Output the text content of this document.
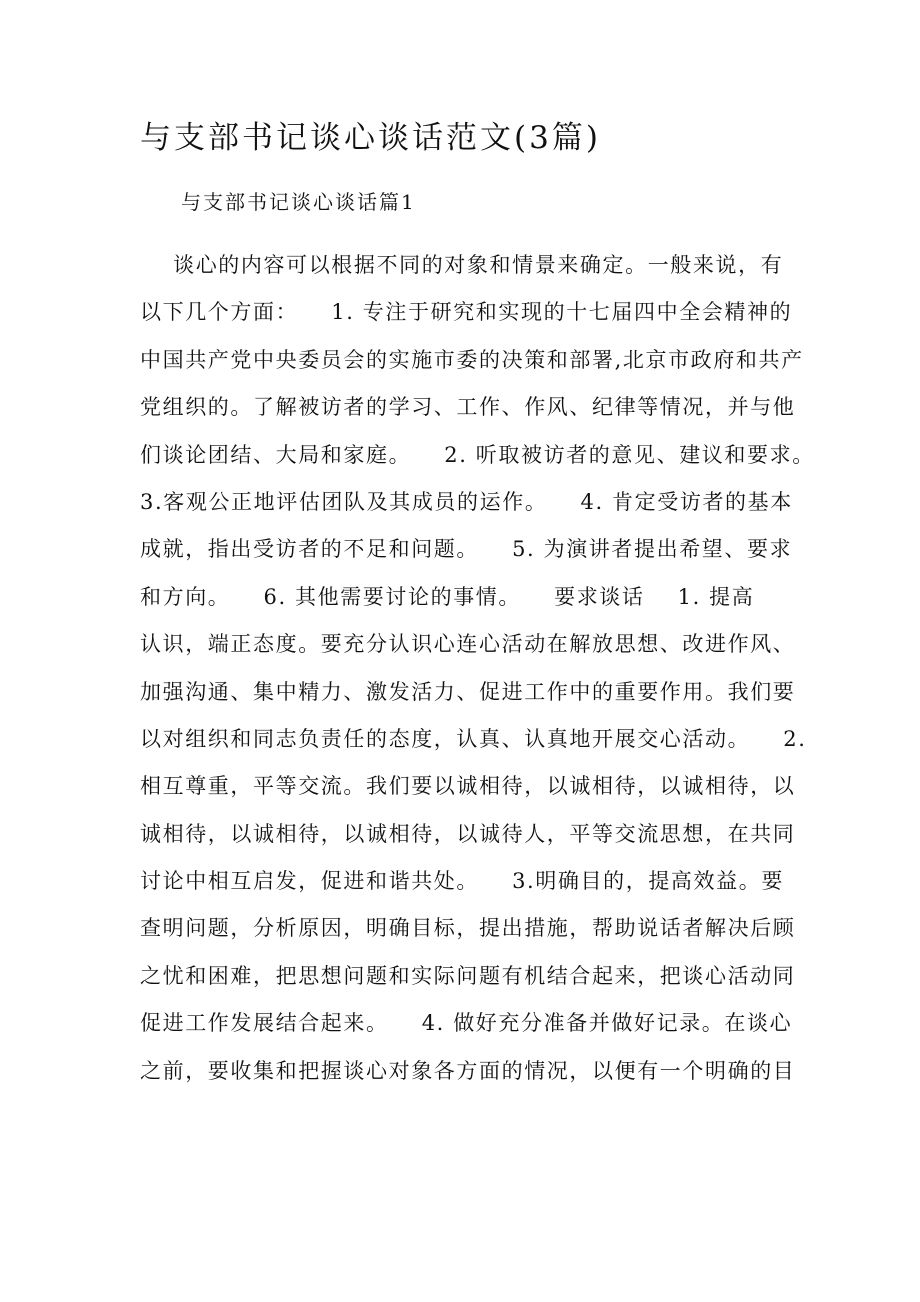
与支部书记谈心谈话范文(3篇)
与支部书记谈心谈话篇1
谈心的内容可以根据不同的对象和情景来确定。一般来说，有
以下几个方面：    1. 专注于研究和实现的十七届四中全会精神的
中国共产党中央委员会的实施市委的决策和部署,北京市政府和共产
党组织的。了解被访者的学习、工作、作风、纪律等情况，并与他
们谈论团结、大局和家庭。    2. 听取被访者的意见、建议和要求。
3.客观公正地评估团队及其成员的运作。    4. 肯定受访者的基本
成就，指出受访者的不足和问题。    5. 为演讲者提出希望、要求
和方向。    6. 其他需要讨论的事情。    要求谈话    1. 提高
认识，端正态度。要充分认识心连心活动在解放思想、改进作风、
加强沟通、集中精力、激发活力、促进工作中的重要作用。我们要
以对组织和同志负责任的态度，认真、认真地开展交心活动。    2.
相互尊重，平等交流。我们要以诚相待，以诚相待，以诚相待，以
诚相待，以诚相待，以诚相待，以诚待人，平等交流思想，在共同
讨论中相互启发，促进和谐共处。    3.明确目的，提高效益。要
查明问题，分析原因，明确目标，提出措施，帮助说话者解决后顾
之忧和困难，把思想问题和实际问题有机结合起来，把谈心活动同
促进工作发展结合起来。    4. 做好充分准备并做好记录。在谈心
之前，要收集和把握谈心对象各方面的情况，以便有一个明确的目
